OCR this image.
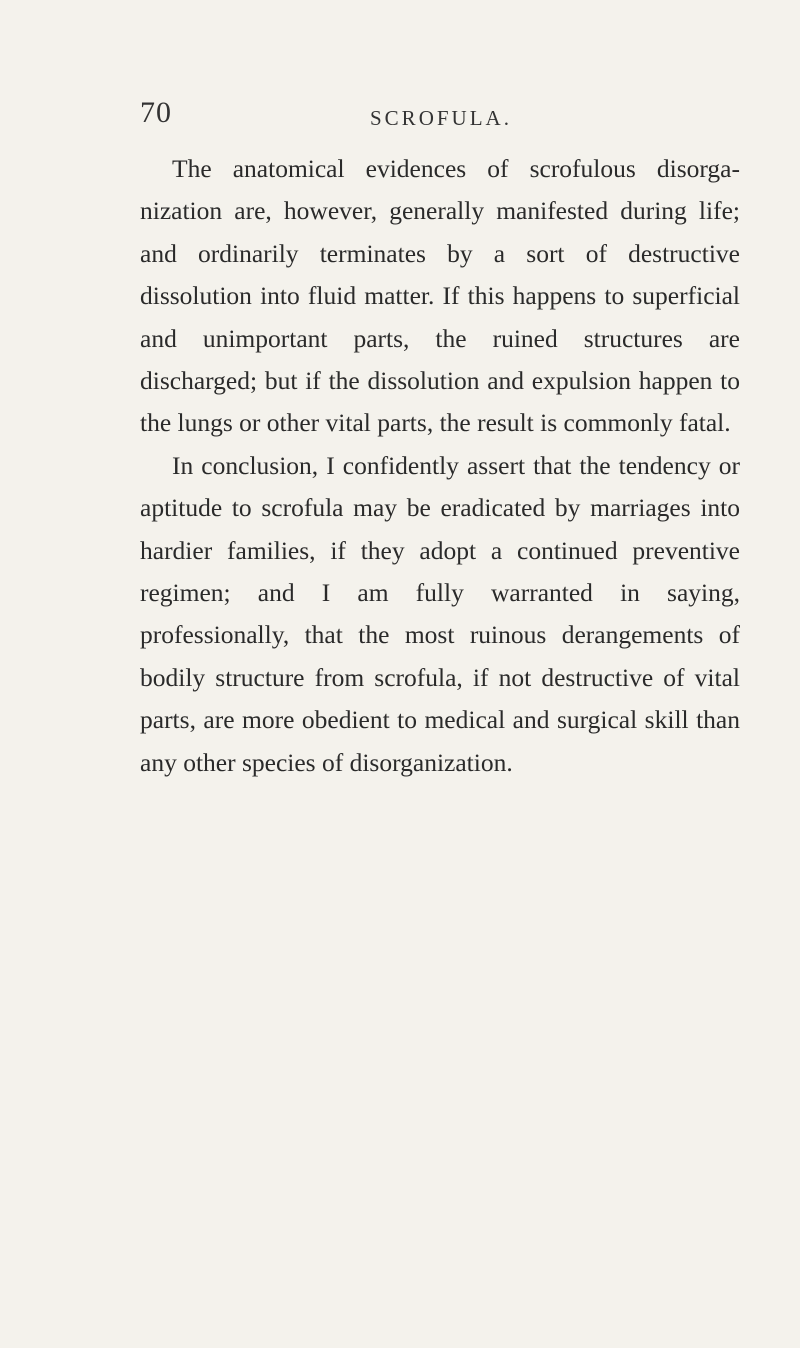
70	SCROFULA.

The anatomical evidences of scrofulous disorganization are, however, generally manifested during life; and ordinarily terminates by a sort of destructive dissolution into fluid matter. If this happens to superficial and unimportant parts, the ruined structures are discharged; but if the dissolution and expulsion happen to the lungs or other vital parts, the result is commonly fatal.

In conclusion, I confidently assert that the tendency or aptitude to scrofula may be eradicated by marriages into hardier families, if they adopt a continued preventive regimen; and I am fully warranted in saying, professionally, that the most ruinous derangements of bodily structure from scrofula, if not destructive of vital parts, are more obedient to medical and surgical skill than any other species of disorganization.
